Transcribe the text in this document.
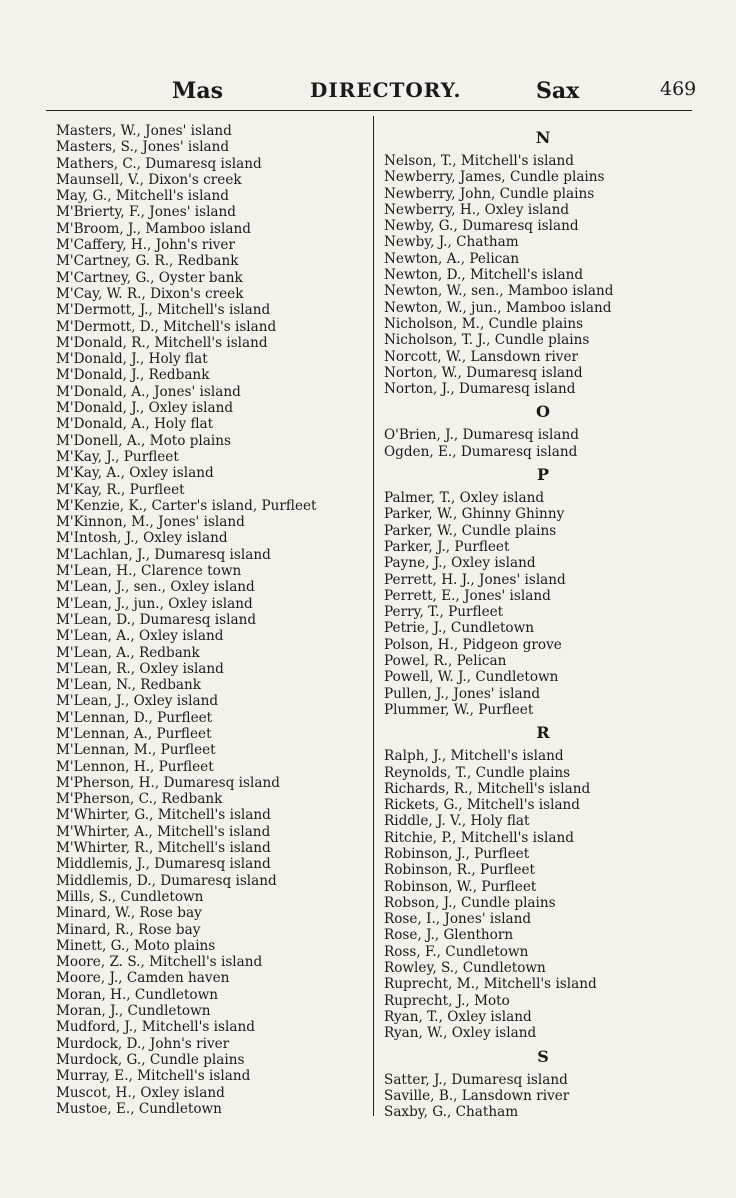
Mas	DIRECTORY.	Sax	469
Masters, W., Jones' island
Masters, S., Jones' island
Mathers, C., Dumaresq island
Maunsell, V., Dixon's creek
May, G., Mitchell's island
M'Brierty, F., Jones' island
M'Broom, J., Mamboo island
M'Caffery, H., John's river
M'Cartney, G. R., Redbank
M'Cartney, G., Oyster bank
M'Cay, W. R., Dixon's creek
M'Dermott, J., Mitchell's island
M'Dermott, D., Mitchell's island
M'Donald, R., Mitchell's island
M'Donald, J., Holy flat
M'Donald, J., Redbank
M'Donald, A., Jones' island
M'Donald, J., Oxley island
M'Donald, A., Holy flat
M'Donell, A., Moto plains
M'Kay, J., Purfleet
M'Kay, A., Oxley island
M'Kay, R., Purfleet
M'Kenzie, K., Carter's island, Purfleet
M'Kinnon, M., Jones' island
M'Intosh, J., Oxley island
M'Lachlan, J., Dumaresq island
M'Lean, H., Clarence town
M'Lean, J., sen., Oxley island
M'Lean, J., jun., Oxley island
M'Lean, D., Dumaresq island
M'Lean, A., Oxley island
M'Lean, A., Redbank
M'Lean, R., Oxley island
M'Lean, N., Redbank
M'Lean, J., Oxley island
M'Lennan, D., Purfleet
M'Lennan, A., Purfleet
M'Lennan, M., Purfleet
M'Lennon, H., Purfleet
M'Pherson, H., Dumaresq island
M'Pherson, C., Redbank
M'Whirter, G., Mitchell's island
M'Whirter, A., Mitchell's island
M'Whirter, R., Mitchell's island
Middlemis, J., Dumaresq island
Middlemis, D., Dumaresq island
Mills, S., Cundletown
Minard, W., Rose bay
Minard, R., Rose bay
Minett, G., Moto plains
Moore, Z. S., Mitchell's island
Moore, J., Camden haven
Moran, H., Cundletown
Moran, J., Cundletown
Mudford, J., Mitchell's island
Murdock, D., John's river
Murdock, G., Cundle plains
Murray, E., Mitchell's island
Muscot, H., Oxley island
Mustoe, E., Cundletown
N
Nelson, T., Mitchell's island
Newberry, James, Cundle plains
Newberry, John, Cundle plains
Newberry, H., Oxley island
Newby, G., Dumaresq island
Newby, J., Chatham
Newton, A., Pelican
Newton, D., Mitchell's island
Newton, W., sen., Mamboo island
Newton, W., jun., Mamboo island
Nicholson, M., Cundle plains
Nicholson, T. J., Cundle plains
Norcott, W., Lansdown river
Norton, W., Dumaresq island
Norton, J., Dumaresq island
O
O'Brien, J., Dumaresq island
Ogden, E., Dumaresq island
P
Palmer, T., Oxley island
Parker, W., Ghinny Ghinny
Parker, W., Cundle plains
Parker, J., Purfleet
Payne, J., Oxley island
Perrett, H. J., Jones' island
Perrett, E., Jones' island
Perry, T., Purfleet
Petrie, J., Cundletown
Polson, H., Pidgeon grove
Powel, R., Pelican
Powell, W. J., Cundletown
Pullen, J., Jones' island
Plummer, W., Purfleet
R
Ralph, J., Mitchell's island
Reynolds, T., Cundle plains
Richards, R., Mitchell's island
Rickets, G., Mitchell's island
Riddle, J. V., Holy flat
Ritchie, P., Mitchell's island
Robinson, J., Purfleet
Robinson, R., Purfleet
Robinson, W., Purfleet
Robson, J., Cundle plains
Rose, I., Jones' island
Rose, J., Glenthorn
Ross, F., Cundletown
Rowley, S., Cundletown
Ruprecht, M., Mitchell's island
Ruprecht, J., Moto
Ryan, T., Oxley island
Ryan, W., Oxley island
S
Satter, J., Dumaresq island
Saville, B., Lansdown river
Saxby, G., Chatham
